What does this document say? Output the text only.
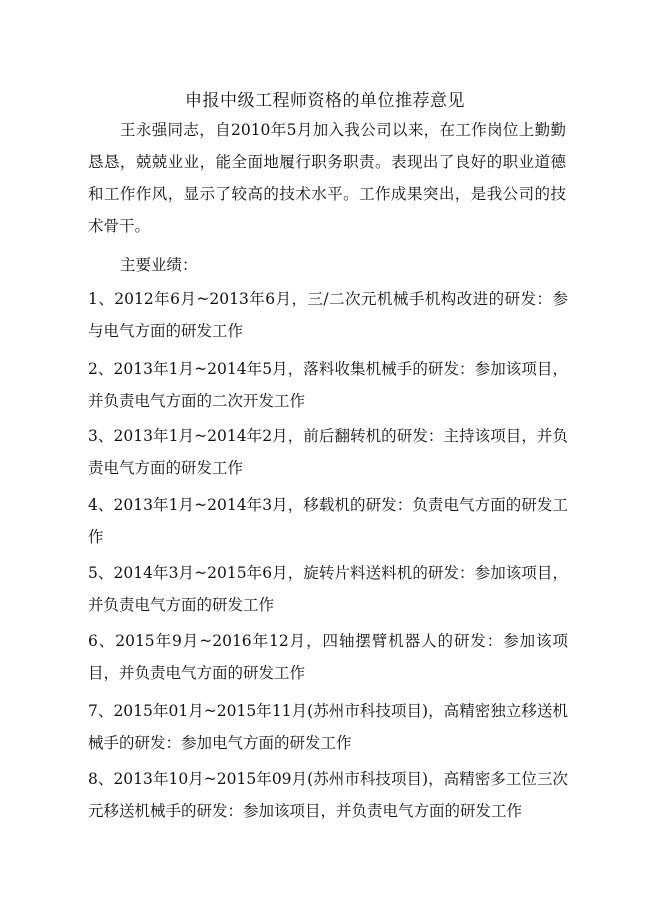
申报中级工程师资格的单位推荐意见
王永强同志，自2010年5月加入我公司以来，在工作岗位上勤勤恳恳，兢兢业业，能全面地履行职务职责。表现出了良好的职业道德和工作作风，显示了较高的技术水平。工作成果突出，是我公司的技术骨干。
主要业绩：
1、2012年6月~2013年6月，三/二次元机械手机构改进的研发：参与电气方面的研发工作
2、2013年1月~2014年5月，落料收集机械手的研发：参加该项目，并负责电气方面的二次开发工作
3、2013年1月~2014年2月，前后翻转机的研发：主持该项目，并负责电气方面的研发工作
4、2013年1月~2014年3月，移载机的研发：负责电气方面的研发工作
5、2014年3月~2015年6月，旋转片料送料机的研发：参加该项目，并负责电气方面的研发工作
6、2015年9月~2016年12月，四轴摆臂机器人的研发：参加该项目，并负责电气方面的研发工作
7、2015年01月~2015年11月(苏州市科技项目)，高精密独立移送机械手的研发：参加电气方面的研发工作
8、2013年10月~2015年09月(苏州市科技项目)，高精密多工位三次元移送机械手的研发：参加该项目，并负责电气方面的研发工作
